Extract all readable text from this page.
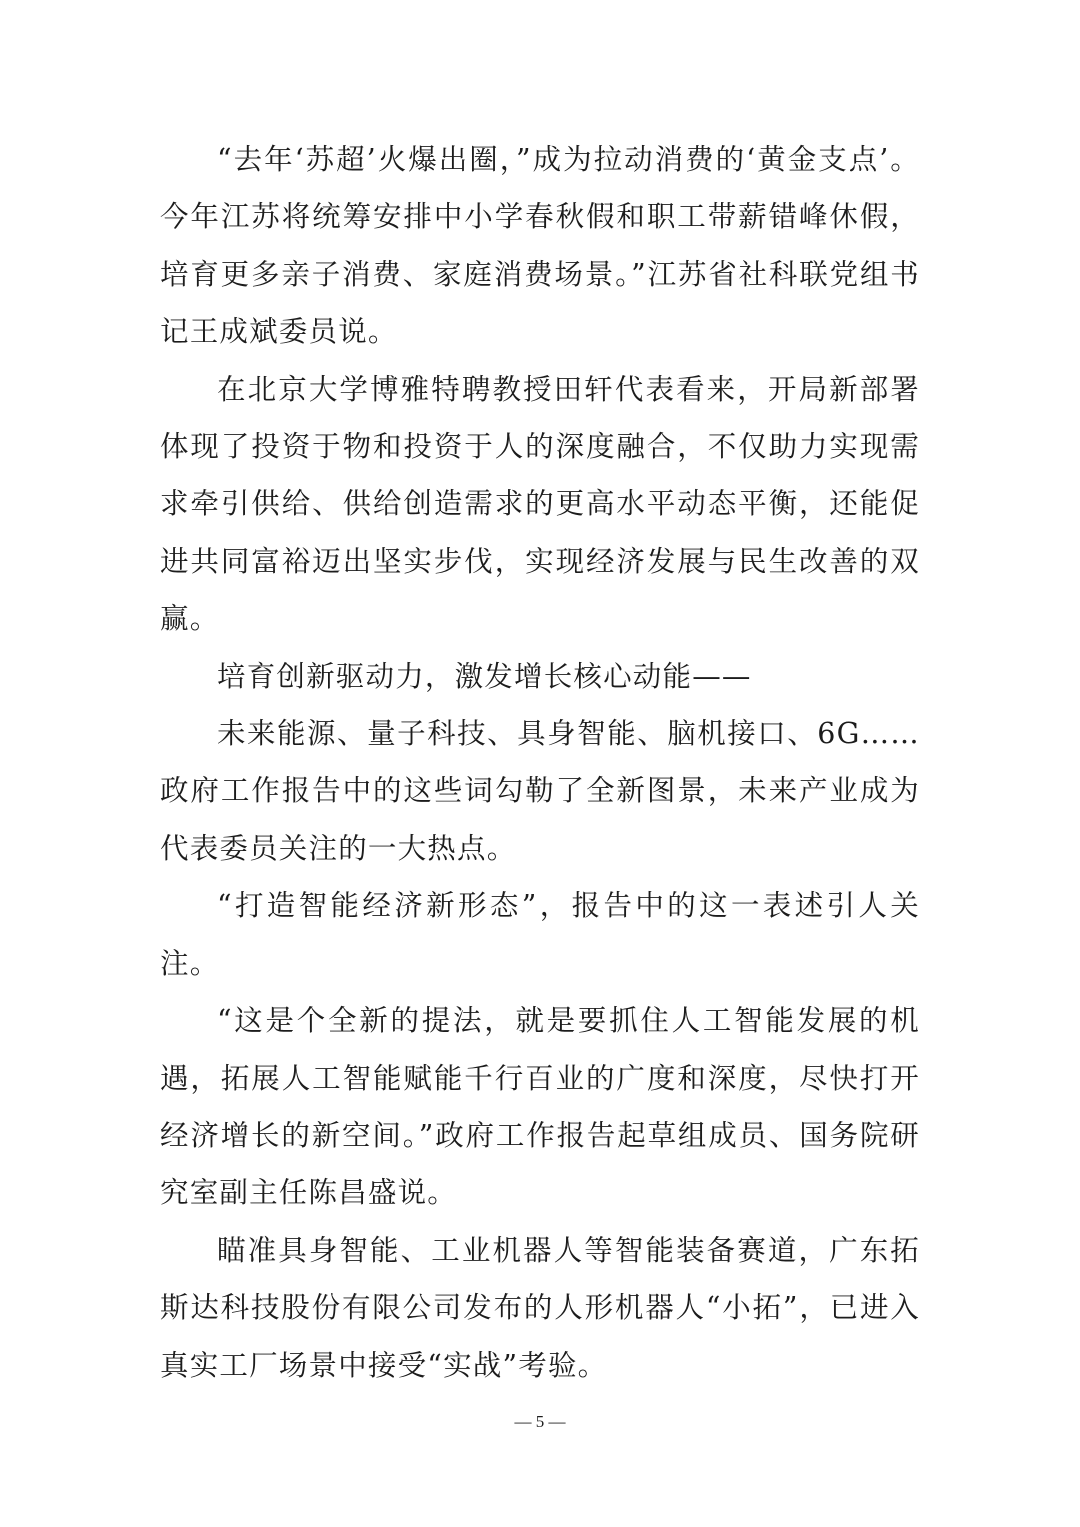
“去年‘苏超’火爆出圈，”成为拉动消费的‘黄金支点’。今年江苏将统筹安排中小学春秋假和职工带薪错峰休假，培育更多亲子消费、家庭消费场景。”江苏省社科联党组书记王成斌委员说。

在北京大学博雅特聘教授田轩代表看来，开局新部署体现了投资于物和投资于人的深度融合，不仅助力实现需求牵引供给、供给创造需求的更高水平动态平衡，还能促进共同富裕迈出坚实步伐，实现经济发展与民生改善的双赢。

培育创新驱动力，激发增长核心动能——

未来能源、量子科技、具身智能、脑机接口、6G……政府工作报告中的这些词勾勒了全新图景，未来产业成为代表委员关注的一大热点。

“打造智能经济新形态”，报告中的这一表述引人关注。

“这是个全新的提法，就是要抓住人工智能发展的机遇，拓展人工智能赋能千行百业的广度和深度，尽快打开经济增长的新空间。”政府工作报告起草组成员、国务院研究室副主任陈昌盛说。

瞄准具身智能、工业机器人等智能装备赛道，广东拓斯达科技股份有限公司发布的人形机器人“小拓”，已进入真实工厂场景中接受“实战”考验。

— 5 —
